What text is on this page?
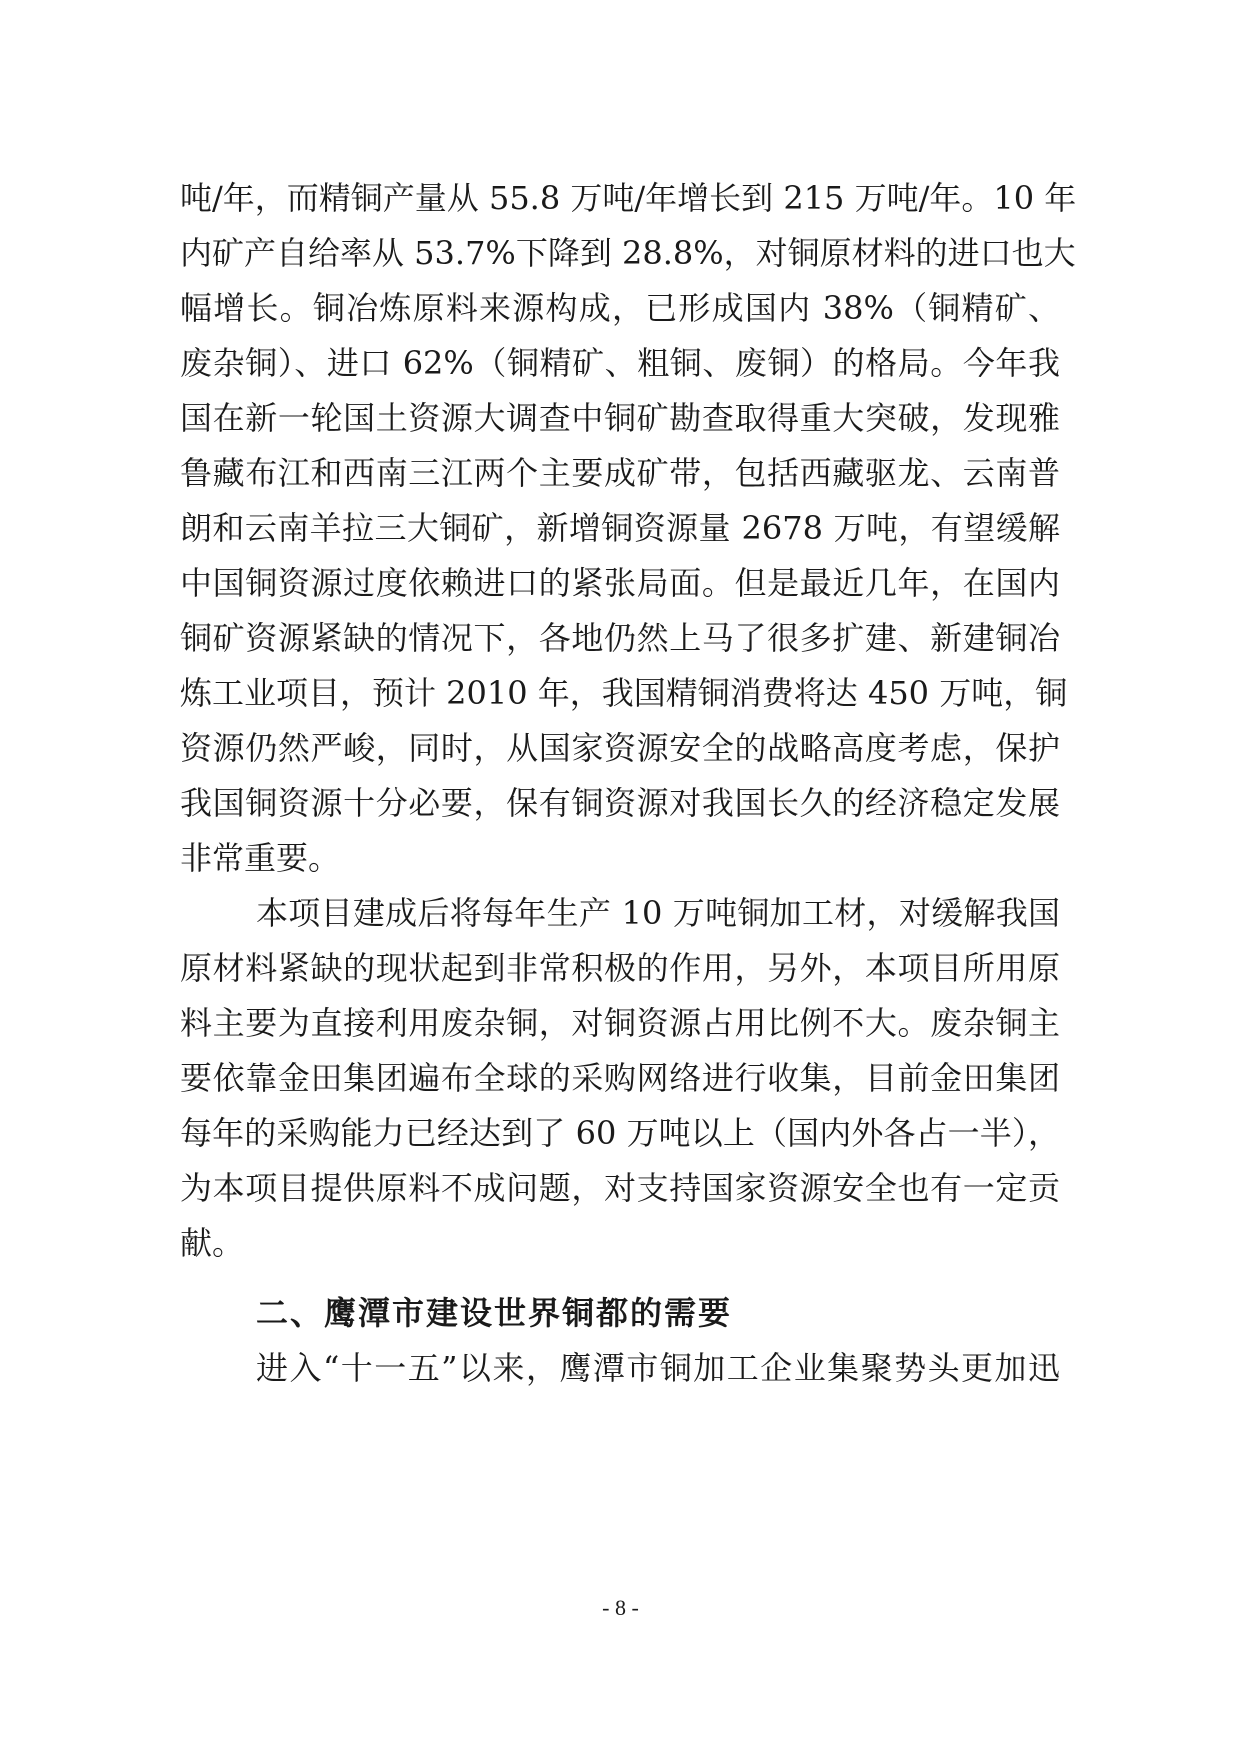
吨/年，而精铜产量从 55.8 万吨/年增长到 215 万吨/年。10 年
内矿产自给率从 53.7%下降到 28.8%，对铜原材料的进口也大
幅增长。铜冶炼原料来源构成，已形成国内 38%（铜精矿、
废杂铜）、进口 62%（铜精矿、粗铜、废铜）的格局。今年我
国在新一轮国土资源大调查中铜矿勘查取得重大突破，发现雅
鲁藏布江和西南三江两个主要成矿带，包括西藏驱龙、云南普
朗和云南羊拉三大铜矿，新增铜资源量 2678 万吨，有望缓解
中国铜资源过度依赖进口的紧张局面。但是最近几年，在国内
铜矿资源紧缺的情况下，各地仍然上马了很多扩建、新建铜冶
炼工业项目，预计 2010 年，我国精铜消费将达 450 万吨，铜
资源仍然严峻，同时，从国家资源安全的战略高度考虑，保护
我国铜资源十分必要，保有铜资源对我国长久的经济稳定发展
非常重要。
本项目建成后将每年生产 10 万吨铜加工材，对缓解我国
原材料紧缺的现状起到非常积极的作用，另外，本项目所用原
料主要为直接利用废杂铜，对铜资源占用比例不大。废杂铜主
要依靠金田集团遍布全球的采购网络进行收集，目前金田集团
每年的采购能力已经达到了 60 万吨以上（国内外各占一半），
为本项目提供原料不成问题，对支持国家资源安全也有一定贡
献。
二、鹰潭市建设世界铜都的需要
进入“十一五”以来，鹰潭市铜加工企业集聚势头更加迅
- 8 -
